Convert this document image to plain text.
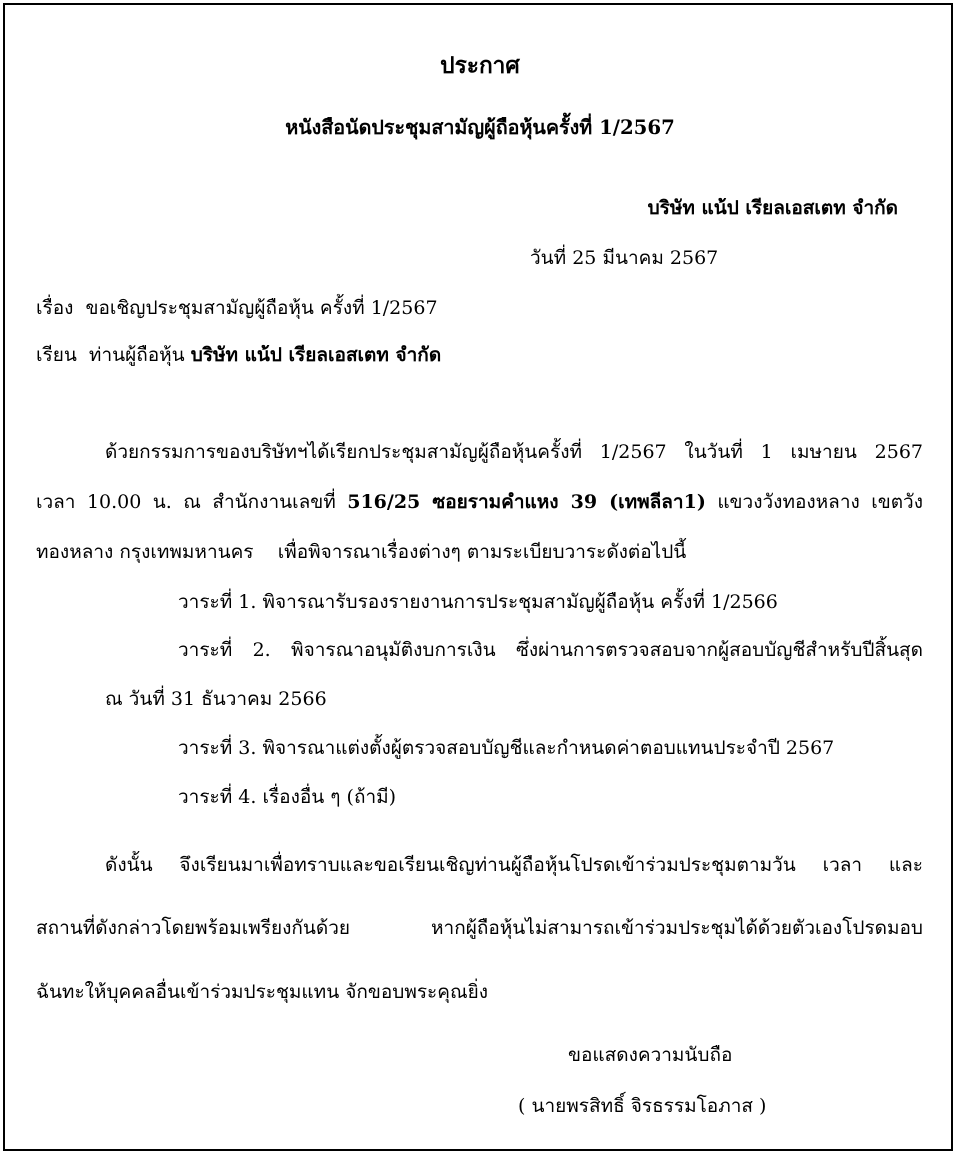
ประกาศ
หนังสือนัดประชุมสามัญผู้ถือหุ้นครั้งที่ 1/2567
บริษัท แน้ป เรียลเอสเตท จำกัด
วันที่ 25 มีนาคม 2567
เรื่อง ขอเชิญประชุมสามัญผู้ถือหุ้น ครั้งที่ 1/2567
เรียน ท่านผู้ถือหุ้น บริษัท แน้ป เรียลเอสเตท จำกัด
ด้วยกรรมการของบริษัทฯได้เรียกประชุมสามัญผู้ถือหุ้นครั้งที่ 1/2567 ในวันที่ 1 เมษายน 2567
เวลา 10.00 น. ณ สำนักงานเลขที่ 516/25 ซอยรามคำแหง 39 (เทพลีลา1) แขวงวังทองหลาง เขตวัง
ทองหลาง กรุงเทพมหานคร เพื่อพิจารณาเรื่องต่างๆ ตามระเบียบวาระดังต่อไปนี้
วาระที่ 1. พิจารณารับรองรายงานการประชุมสามัญผู้ถือหุ้น ครั้งที่ 1/2566
วาระที่ 2. พิจารณาอนุมัติงบการเงิน ซึ่งผ่านการตรวจสอบจากผู้สอบบัญชีสำหรับปีสิ้นสุด
ณ วันที่ 31 ธันวาคม 2566
วาระที่ 3. พิจารณาแต่งตั้งผู้ตรวจสอบบัญชีและกำหนดค่าตอบแทนประจำปี 2567
วาระที่ 4. เรื่องอื่น ๆ (ถ้ามี)
ดังนั้น จึงเรียนมาเพื่อทราบและขอเรียนเชิญท่านผู้ถือหุ้นโปรดเข้าร่วมประชุมตามวัน เวลา และ
สถานที่ดังกล่าวโดยพร้อมเพรียงกันด้วย หากผู้ถือหุ้นไม่สามารถเข้าร่วมประชุมได้ด้วยตัวเองโปรดมอบ
ฉันทะให้บุคคลอื่นเข้าร่วมประชุมแทน จักขอบพระคุณยิ่ง
ขอแสดงความนับถือ
( นายพรสิทธิ์ จิรธรรมโอภาส )
